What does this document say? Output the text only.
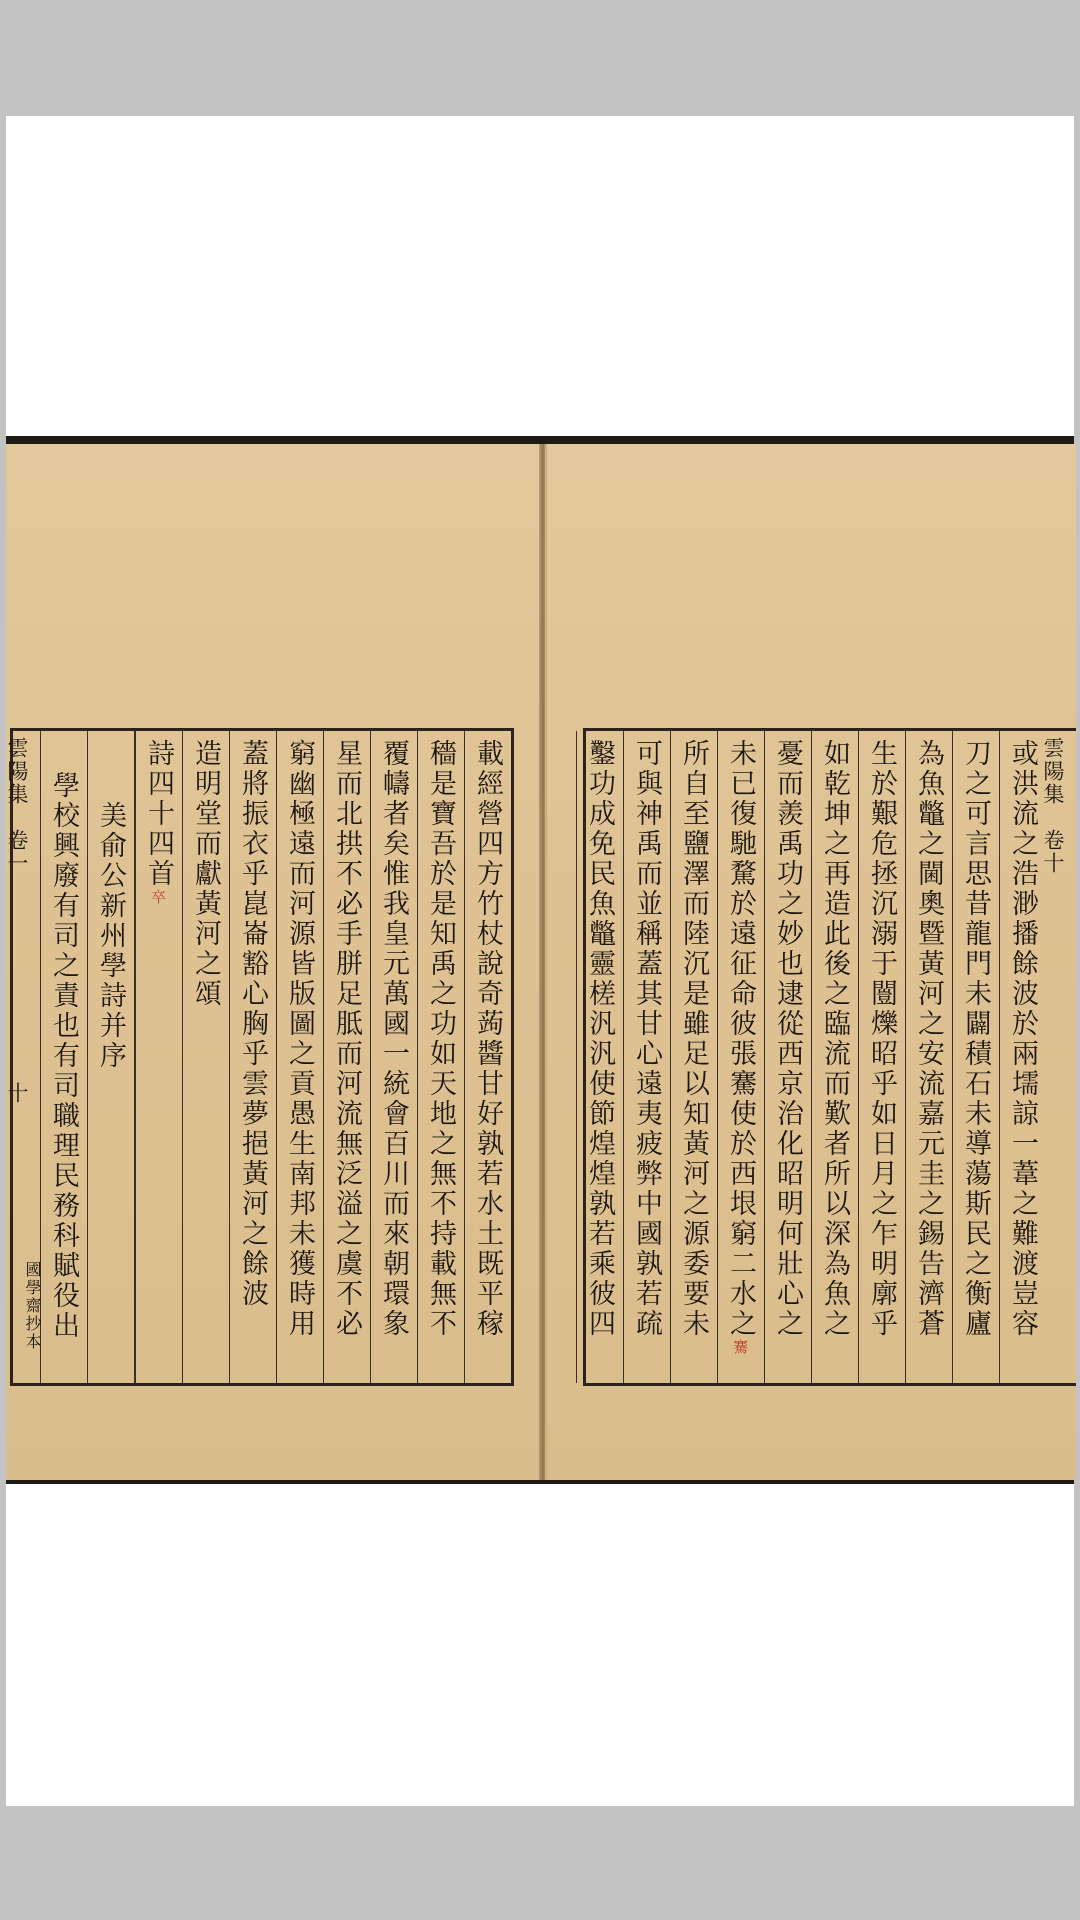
載經營四方竹杖說奇蒟醬甘好孰若水土既平稼
穡是寶吾於是知禹之功如天地之無不持載無不
覆幬者矣惟我皇元萬國一統會百川而來朝環象
星而北拱不必手胼足胝而河流無泛溢之虞不必
窮幽極遠而河源皆版圖之貢愚生南邦未獲時用
蓋將振衣乎崑崙豁心胸乎雲夢挹黃河之餘波
造明堂而獻黃河之頌
詩四十四首卒
美俞公新州學詩并序
學校興廢有司之責也有司職理民務科賦役出
雲陽集　卷一　　　　　　　　　十
國學齋抄本
雲陽集　卷十
或洪流之浩渺播餘波於兩壖諒一葦之難渡豈容
刀之可言思昔龍門未闢積石未導蕩斯民之衡廬
為魚鼈之閫奧暨黃河之安流嘉元圭之錫告濟蒼
生於艱危拯沉溺于闓爍昭乎如日月之乍明廓乎
如乾坤之再造此後之臨流而歎者所以深為魚之
憂而羨禹功之妙也逮從西京治化昭明何壯心之
未已復馳騖於遠征命彼張騫使於西垠窮二水之騫
所自至鹽澤而陸沉是雖足以知黃河之源委要未
可與神禹而並稱蓋其甘心遠夷疲弊中國孰若疏
鑿功成免民魚鼈靈槎汎汎使節煌煌孰若乘彼四
